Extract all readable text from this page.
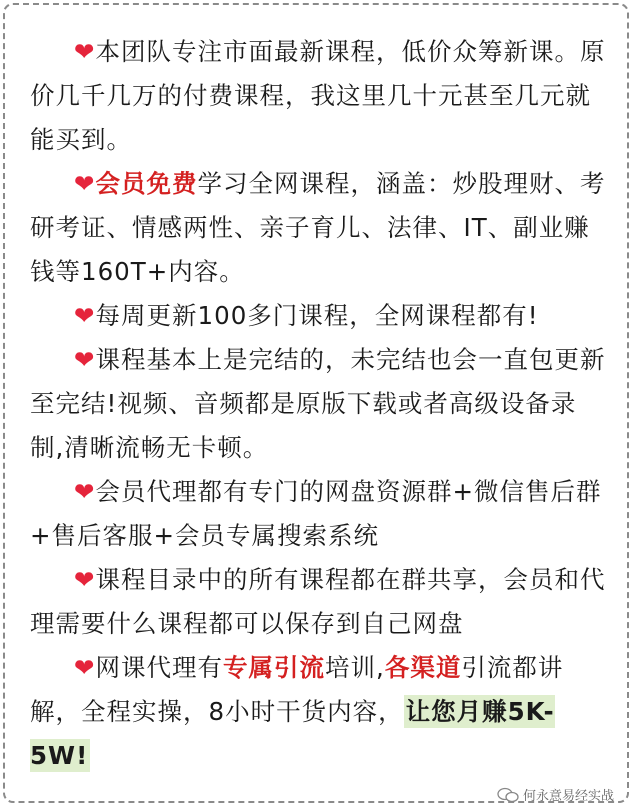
❤本团队专注市面最新课程，低价众筹新课。原价几千几万的付费课程，我这里几十元甚至几元就能买到。

❤会员免费学习全网课程，涵盖：炒股理财、考研考证、情感两性、亲子育儿、法律、IT、副业赚钱等160T+内容。

❤每周更新100多门课程，全网课程都有!

❤课程基本上是完结的，未完结也会一直包更新至完结!视频、音频都是原版下载或者高级设备录制,清晰流畅无卡顿。

❤会员代理都有专门的网盘资源群+微信售后群+售后客服+会员专属搜索系统

❤课程目录中的所有课程都在群共享，会员和代理需要什么课程都可以保存到自己网盘

❤网课代理有专属引流培训,各渠道引流都讲解，全程实操，8小时干货内容，让您月赚5K-5W!

何永意易经实战
